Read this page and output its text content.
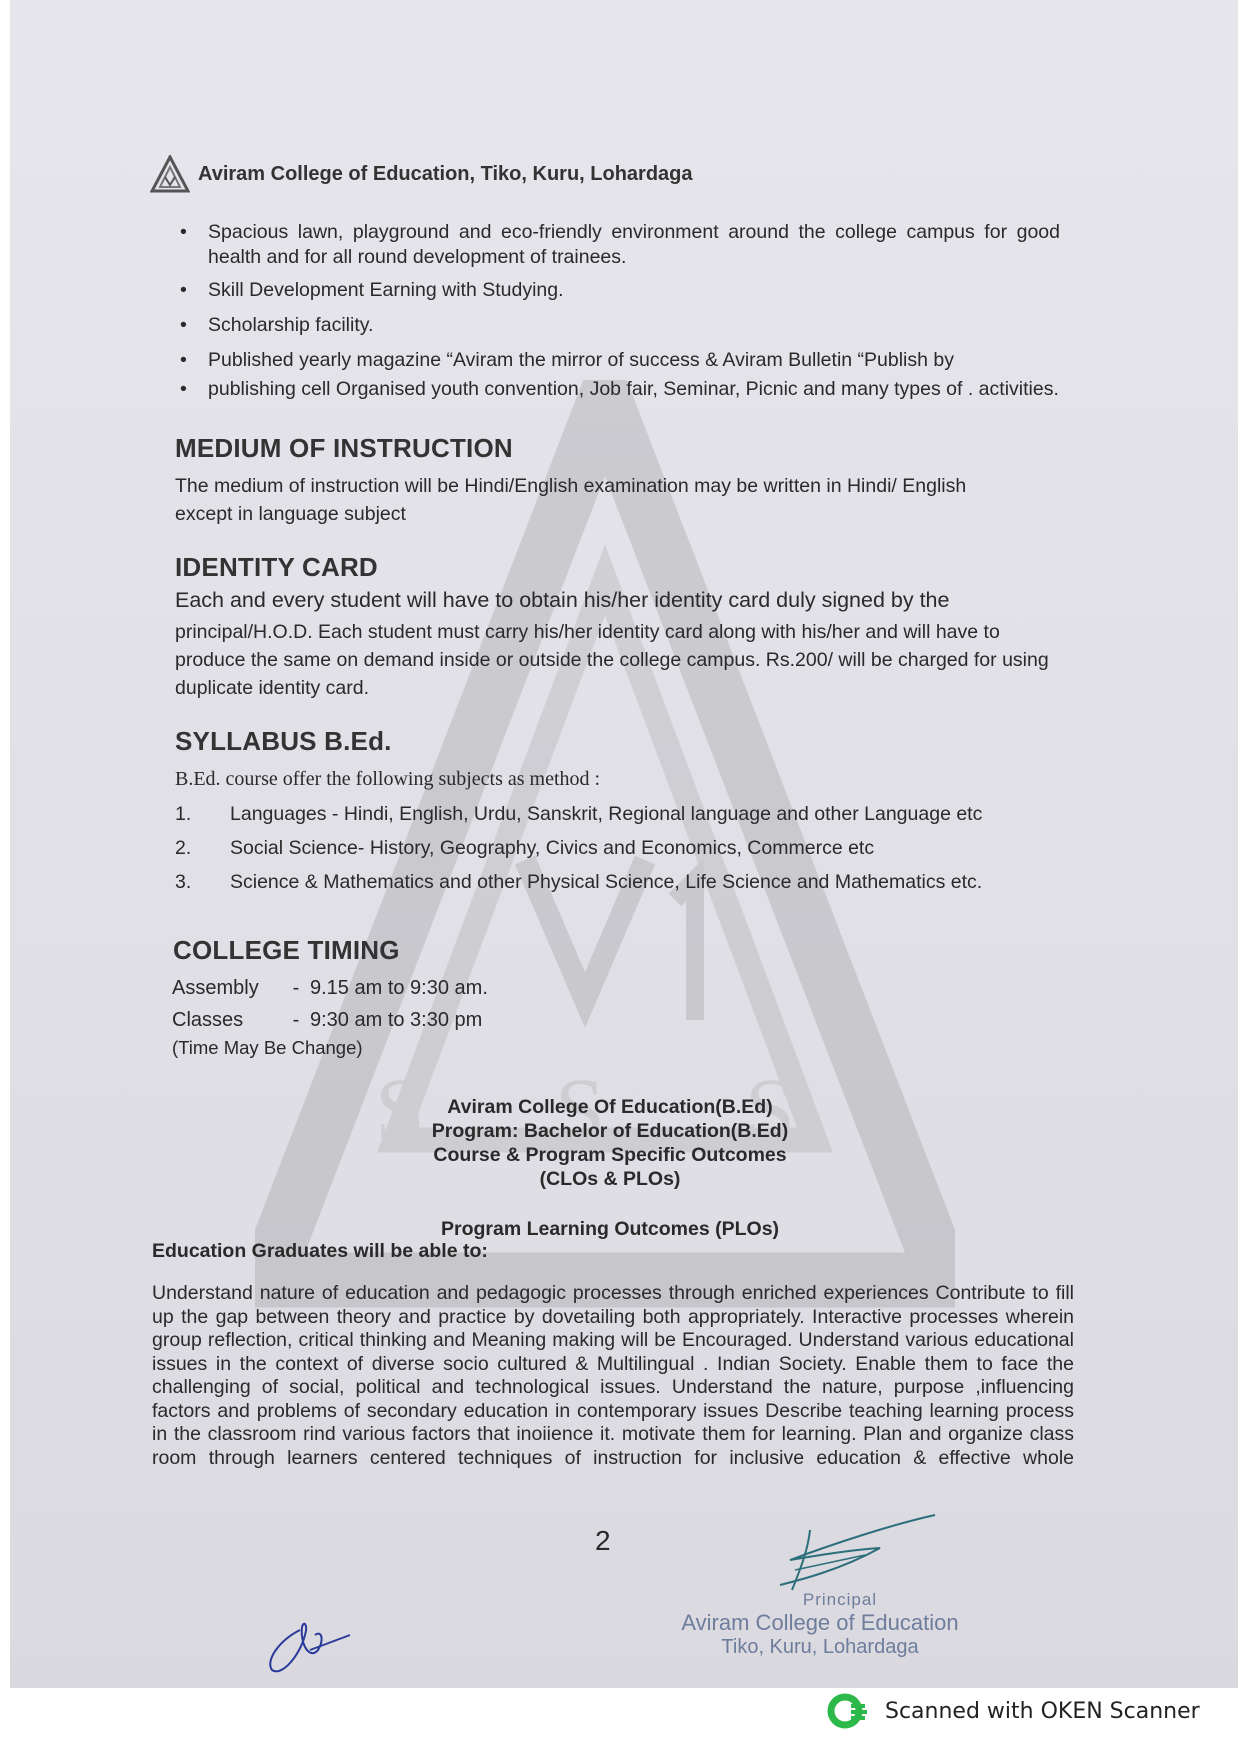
S S S
Aviram College of Education, Tiko, Kuru, Lohardaga
• Spacious lawn, playground and eco-friendly environment around the college campus for good health and for all round development of trainees.
• Skill Development Earning with Studying.
• Scholarship facility.
• Published yearly magazine “Aviram the mirror of success & Aviram Bulletin “Publish by
• publishing cell Organised youth convention, Job fair, Seminar, Picnic and many types of . activities.
MEDIUM OF INSTRUCTION
The medium of instruction will be Hindi/English examination may be written in Hindi/ English except in language subject
IDENTITY CARD
Each and every student will have to obtain his/her identity card duly signed by the
principal/H.O.D. Each student must carry his/her identity card along with his/her and will have to produce the same on demand inside or outside the college campus. Rs.200/ will be charged for using duplicate identity card.
SYLLABUS B.Ed.
B.Ed. course offer the following subjects as method :
1.	Languages - Hindi, English, Urdu, Sanskrit, Regional language and other Language etc
2.	Social Science- History, Geography, Civics and Economics, Commerce etc
3.	Science & Mathematics and other Physical Science, Life Science and Mathematics etc.
COLLEGE TIMING
Assembly	- 9.15 am to 9:30 am.
Classes	- 9:30 am to 3:30 pm
(Time May Be Change)
Aviram College Of Education(B.Ed)
Program: Bachelor of Education(B.Ed)
Course & Program Specific Outcomes
(CLOs & PLOs)
Program Learning Outcomes (PLOs)
Education Graduates will be able to:
Understand nature of education and pedagogic processes through enriched experiences Contribute to fill up the gap between theory and practice by dovetailing both appropriately. Interactive processes wherein group reflection, critical thinking and Meaning making will be Encouraged. Understand various educational issues in the context of diverse socio cultured & Multilingual . Indian Society. Enable them to face the challenging of social, political and technological issues. Understand the nature, purpose ,influencing factors and problems of secondary education in contemporary issues Describe teaching learning process in the classroom rind various factors that inoiience it. motivate them for learning. Plan and organize class room through learners centered techniques of instruction for inclusive education & effective whole
2
Principal
Aviram College of Education
Tiko, Kuru, Lohardaga
Scanned with OKEN Scanner
